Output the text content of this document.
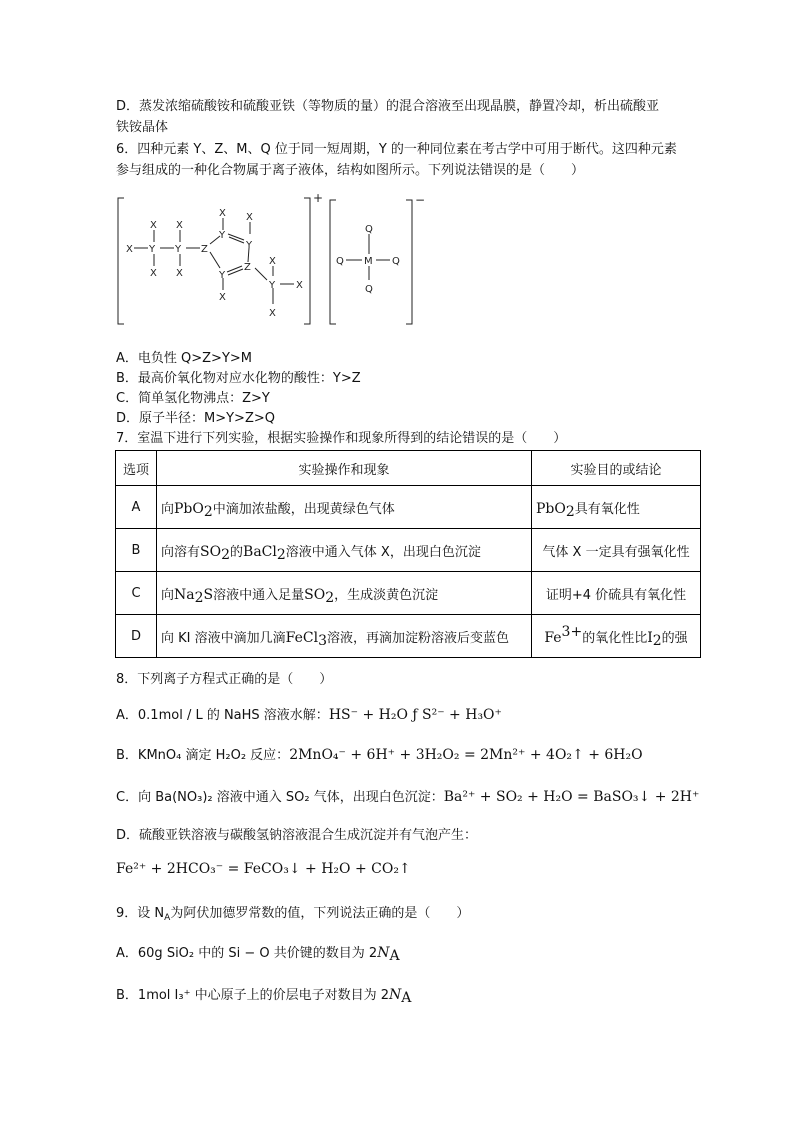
D．蒸发浓缩硫酸铵和硫酸亚铁（等物质的量）的混合溶液至出现晶膜，静置冷却，析出硫酸亚
铁铵晶体
6．四种元素 Y、Z、M、Q 位于同一短周期，Y 的一种同位素在考古学中可用于断代。这四种元素
参与组成的一种化合物属于离子液体，结构如图所示。下列说法错误的是（　　）
X Y Y Z
X
X
X
X
Y
Y
X X
Y
Z
X
X
Y X
X
+
Q
Q M Q
Q
−
A．电负性 Q>Z>Y>M
B．最高价氧化物对应水化物的酸性：Y>Z
C．简单氢化物沸点：Z>Y
D．原子半径：M>Y>Z>Q
7．室温下进行下列实验，根据实验操作和现象所得到的结论错误的是（　　）
选项	实验操作和现象	实验目的或结论
A	向PbO$_2$中滴加浓盐酸，出现黄绿色气体	PbO$_2$具有氧化性
B	向溶有$SO_2$的BaCl$_2$溶液中通入气体 X，出现白色沉淀	气体 X 一定具有强氧化性
C	向$Na_2S$溶液中通入足量$SO_2$，生成淡黄色沉淀	证明+4 价硫具有氧化性
D	向 KI 溶液中滴加几滴FeCl$_3$溶液，再滴加淀粉溶液后变蓝色	$Fe^{3+}$的氧化性比$I_2$的强
8．下列离子方程式正确的是（　　）
A．0.1mol / L 的 NaHS 溶液水解：HS⁻ + H₂O ƒ S²⁻ + H₃O⁺
B．KMnO₄ 滴定 H₂O₂ 反应：2MnO₄⁻ + 6H⁺ + 3H₂O₂ = 2Mn²⁺ + 4O₂↑ + 6H₂O
C．向 Ba(NO₃)₂ 溶液中通入 SO₂ 气体，出现白色沉淀：Ba²⁺ + SO₂ + H₂O = BaSO₃↓ + 2H⁺
D．硫酸亚铁溶液与碳酸氢钠溶液混合生成沉淀并有气泡产生：
Fe²⁺ + 2HCO₃⁻ = FeCO₃↓ + H₂O + CO₂↑
9．设 $N_A$为阿伏加德罗常数的值，下列说法正确的是（　　）
A．60g SiO₂ 中的 Si − O 共价键的数目为 $2N_A$
B．1mol I₃⁺ 中心原子上的价层电子对数目为 $2N_A$
